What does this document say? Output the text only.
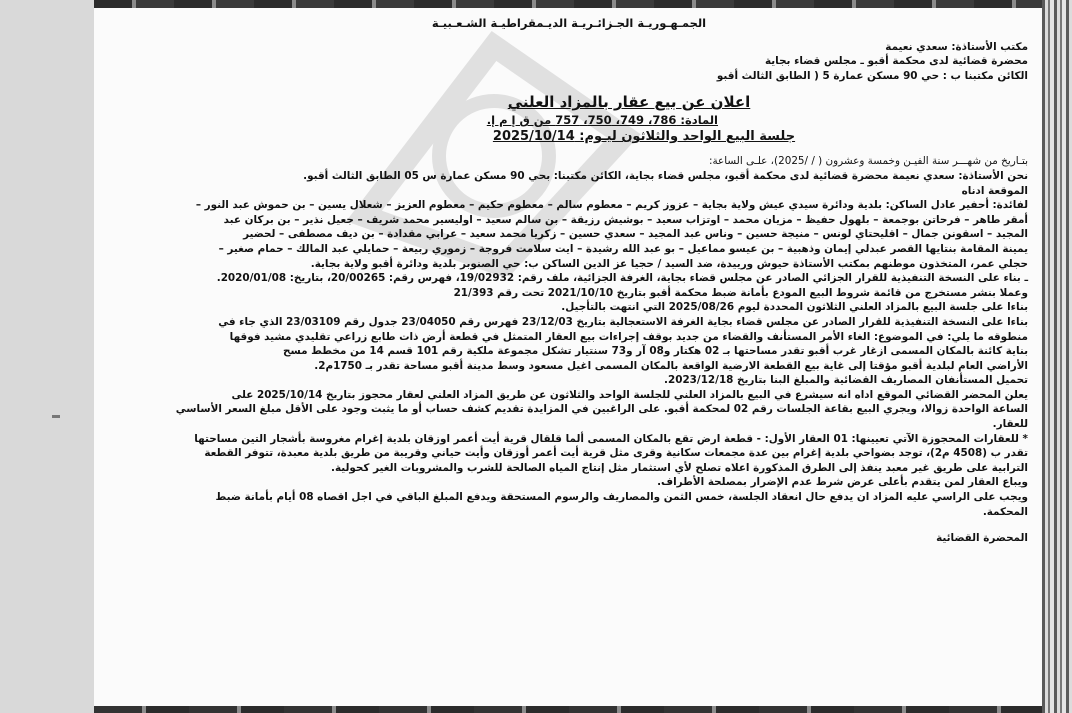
الجمـهـوريـة الجـزائـريـة الديـمقراطيـة الشـعـبيـة
مكتب الأستاذة: سعدي نعيمة
محضرة قضائية لدى محكمة أقبو ـ مجلس قضاء بجاية
الكائن مكتبنا ب : حي 90 مسكن عمارة 5 ( الطابق الثالث أقبو
اعلان عن بيع عقار بالمزاد العلني
المادة: 786، 749، 750، 757 من ق إ م إ.
جلسة البيع الواحد والثلاثون ليـوم: 2025/10/14
بتـاريخ من شهـــر سنة الفيـن وخمسة وعشرون ( / /2025)، علـى الساعة:
نحن الأستاذة: سعدي نعيمة محضرة قضائية لدى محكمة أقبو، مجلس قضاء بجاية، الكائن مكتبنا: بحي 90 مسكن عمارة س 05 الطابق الثالث أقبو.
الموقعة ادناه
لفائدة: أحفير عادل الساكن: بلدية ودائرة سيدي عيش ولاية بجاية – عزوز كريم – معطوم سالم – معطوم حكيم – معطوم العزيز – شعلال يسين – بن حموش عبد النور –
أمقر طاهر – فرحاتن بوجمعة – بلهول حفيظ – مزيان محمد – اوتزاب سعيد – بوشيش رزيقة – بن سالم سعيد – اوليسير محمد شريف – جعيل نذير – بن بركان عبد
المجيد – اسقونن جمال – اقليحتاي لونس – منيجة حسين – وناس عبد المجيد – سعدي حسين – زكريا محمد سعيد – عرابي مقدادة – بن ديف مصطفى – لحضير
يمينة المقامة بنتايها القصر عبدلي إيمان وذهبية – بن عيسو مماعيل – بو عبد الله رشيدة – ايت سلامت فروجة – زموري ربيعة – حمايلي عبد المالك – حمام صغير –
حجلي عمر، المتخذون موطنهم بمكتب الأستاذة حيوش ورييدة، ضد السيد / حجيا عز الدين الساكن ب: حي الصنوبر بلدية ودائرة أقبو ولاية بجاية.
ـ بناء على النسخة التنفيذية للقرار الجزائي الصادر عن مجلس قضاء بجاية، الغرفة الجزائية، ملف رقم: 19/02932، فهرس رقم: 20/00265، بتاريخ: 2020/01/08.
وعملا بنشر مستخرج من قائمة شروط البيع المودع بأمانة ضبط محكمة أقبو بتاريخ 2021/10/10 تحت رقم 21/393
بناءا على جلسة البيع بالمزاد العلني الثلاثون المحددة ليوم 2025/08/26 التي انتهت بالتأجيل.
بناءا على النسخة التنفيذية للقرار الصادر عن مجلس قضاء بجاية الغرفة الاستعجالية بتاريخ 23/12/03 فهرس رقم 23/04050 جدول رقم 23/03109 الذي جاء في
منطوقه ما يلي: في الموضوع: الغاء الأمر المستأنف والقضاء من جديد بوقف إجراءات بيع العقار المتمثل في قطعة أرض ذات طابع زراعي تقليدي مشيد فوقها
بناية كائنة بالمكان المسمى ازغار غرب أقبو تقدر مساحتها بـ 02 هكتار و08 آر و73 سنتيار تشكل مجموعة ملكية رقم 101 قسم 14 من مخطط مسح
الأراضي العام لبلدية أقبو مؤقتا إلى غاية بيع القطعة الارضية الواقعة بالمكان المسمى اغيل مسعود وسط مدينة أقبو مساحة تقدر بـ 1750م2.
تحميل المستأنفان المصاريف القضائية والمبلغ البنا بتاريخ 2023/12/18.
يعلن المحضر القضائي الموقع اداه انه سيشرع في البيع بالمزاد العلني للجلسة الواحد والثلاثون عن طريق المزاد العلني لعقار محجوز بتاريخ 2025/10/14 على
الساعة الواحدة زوالا، ويجري البيع بقاعة الجلسات رقم 02 لمحكمة أقبو. على الراغبين في المزايدة تقديم كشف حساب أو ما يثبت وجود على الأقل مبلغ السعر الأساسي
للعقار.
* للعقارات المحجوزة الآتي تعيينها: 01 العقار الأول: - قطعة ارض تقع بالمكان المسمى ألما قلقال قرية أيت أعمر اوزقان بلدية إغرام مغروسة بأشجار التين مساحتها
تقدر ب (4508 م2)، توجد بضواحي بلدية إغرام بين عدة مجمعات سكانية وقرى مثل قرية أيت أعمر أوزقان وأيت حياني وقريبة من طريق بلدية معبدة، تتوفر القطعة
الترابية على طريق غير معبد ينفذ إلى الطرق المذكورة اعلاه تصلح لأي استثمار مثل إنتاج المياه الصالحة للشرب والمشروبات الغير كحولية.
ويباع العقار لمن يتقدم بأعلى عرض شرط عدم الإضرار بمصلحة الأطراف.
ويجب على الراسي عليه المزاد ان يدفع حال انعقاد الجلسة، خمس الثمن والمصاريف والرسوم المستحقة ويدفع المبلغ الباقي في اجل اقصاه 08 أيام بأمانة ضبط
المحكمة.
المحضرة القضائية
